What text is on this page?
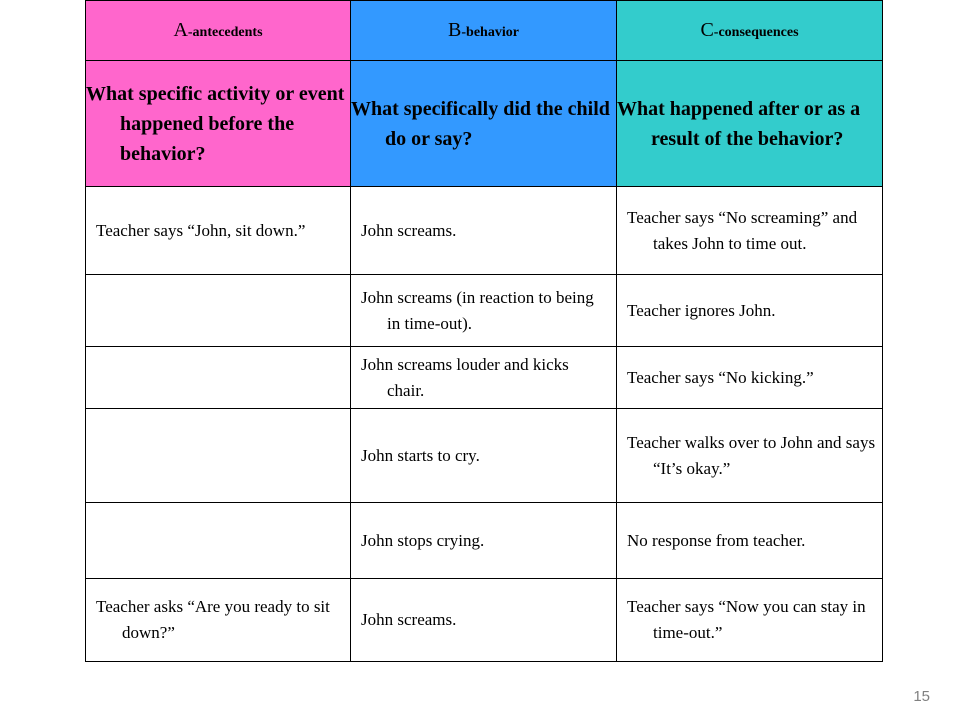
A-antecedents	B-behavior	C-consequences

What specific activity or event happened before the behavior?	What specifically did the child do or say?	What happened after or as a result of the behavior?

Teacher says “John, sit down.”	John screams.	Teacher says “No screaming” and takes John to time out.

	John screams (in reaction to being in time-out).	Teacher ignores John.

	John screams louder and kicks chair.	Teacher says “No kicking.”

	John starts to cry.	Teacher walks over to John and says “It’s okay.”

	John stops crying.	No response from teacher.

Teacher asks “Are you ready to sit down?”	John screams.	Teacher says “Now you can stay in time-out.”
15
